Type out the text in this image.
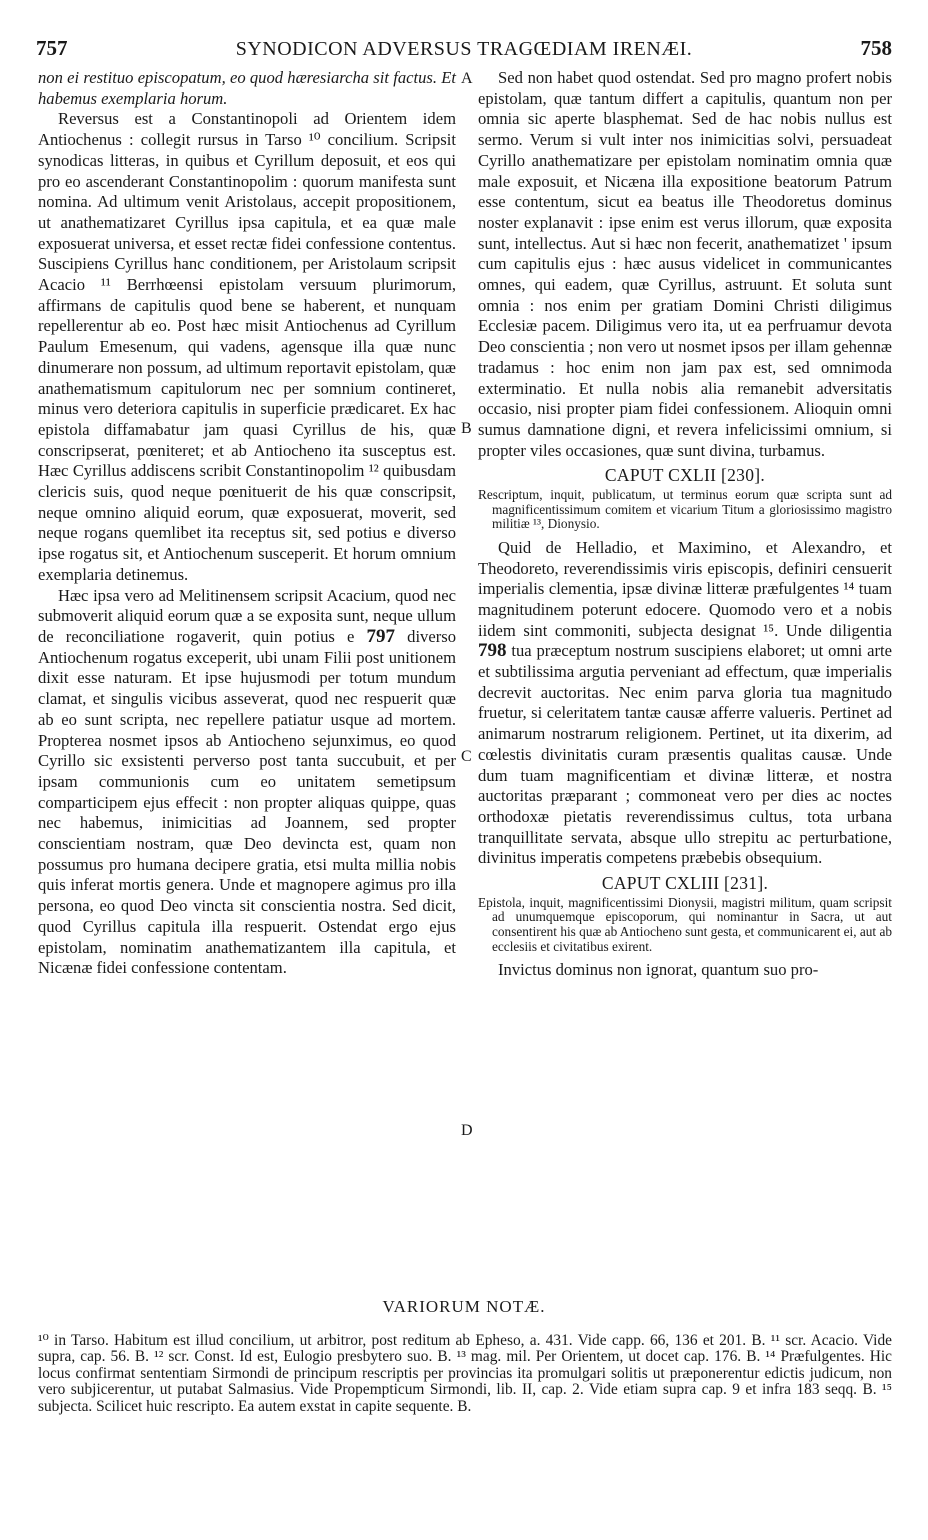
757	SYNODICON ADVERSUS TRAGŒDIAM IRENÆI.	758
A
B
C
D

non ei restituo episcopatum, eo quod hæresiarcha sit factus. Et habemus exemplaria horum.

Reversus est a Constantinopoli ad Orientem idem Antiochenus : collegit rursus in Tarso ¹⁰ concilium. Scripsit synodicas litteras, in quibus et Cyrillum deposuit, et eos qui pro eo ascenderant Constantinopolim : quorum manifesta sunt nomina. Ad ultimum venit Aristolaus, accepit propositionem, ut anathematizaret Cyrillus ipsa capitula, et ea quæ male exposuerat universa, et esset rectæ fidei confessione contentus. Suscipiens Cyrillus hanc conditionem, per Aristolaum scripsit Acacio ¹¹ Berrhœensi epistolam versuum plurimorum, affirmans de capitulis quod bene se haberent, et nunquam repellerentur ab eo. Post hæc misit Antiochenus ad Cyrillum Paulum Emesenum, qui vadens, agensque illa quæ nunc dinumerare non possum, ad ultimum reportavit epistolam, quæ anathematismum capitulorum nec per somnium contineret, minus vero deteriora capitulis in superficie prædicaret. Ex hac epistola diffamabatur jam quasi Cyrillus de his, quæ conscripserat, pœniteret; et ab Antiocheno ita susceptus est. Hæc Cyrillus addiscens scribit Constantinopolim ¹² quibusdam clericis suis, quod neque pœnituerit de his quæ conscripsit, neque omnino aliquid eorum, quæ exposuerat, moverit, sed neque rogans quemlibet ita receptus sit, sed potius e diverso ipse rogatus sit, et Antiochenum susceperit. Et horum omnium exemplaria detinemus.

Hæc ipsa vero ad Melitinensem scripsit Acacium, quod nec submoverit aliquid eorum quæ a se exposita sunt, neque ullum de reconciliatione rogaverit, quin potius e 797 diverso Antiochenum rogatus exceperit, ubi unam Filii post unitionem dixit esse naturam. Et ipse hujusmodi per totum mundum clamat, et singulis vicibus asseverat, quod nec respuerit quæ ab eo sunt scripta, nec repellere patiatur usque ad mortem. Propterea nosmet ipsos ab Antiocheno sejunximus, eo quod Cyrillo sic exsistenti perverso post tanta succubuit, et per ipsam communionis cum eo unitatem semetipsum comparticipem ejus effecit : non propter aliquas quippe, quas nec habemus, inimicitias ad Joannem, sed propter conscientiam nostram, quæ Deo devincta est, quam non possumus pro humana decipere gratia, etsi multa millia nobis quis inferat mortis genera. Unde et magnopere agimus pro illa persona, eo quod Deo vincta sit conscientia nostra. Sed dicit, quod Cyrillus capitula illa respuerit. Ostendat ergo ejus epistolam, nominatim anathematizantem illa capitula, et Nicænæ fidei confessione contentam.

Sed non habet quod ostendat. Sed pro magno profert nobis epistolam, quæ tantum differt a capitulis, quantum non per omnia sic aperte blasphemat. Sed de hac nobis nullus est sermo. Verum si vult inter nos inimicitias solvi, persuadeat Cyrillo anathematizare per epistolam nominatim omnia quæ male exposuit, et Nicæna illa expositione beatorum Patrum esse contentum, sicut ea beatus ille Theodoretus dominus noster explanavit : ipse enim est verus illorum, quæ exposita sunt, intellectus. Aut si hæc non fecerit, anathematizet ' ipsum cum capitulis ejus : hæc ausus videlicet in communicantes omnes, qui eadem, quæ Cyrillus, astruunt. Et soluta sunt omnia : nos enim per gratiam Domini Christi diligimus Ecclesiæ pacem. Diligimus vero ita, ut ea perfruamur devota Deo conscientia ; non vero ut nosmet ipsos per illam gehennæ tradamus : hoc enim non jam pax est, sed omnimoda exterminatio. Et nulla nobis alia remanebit adversitatis occasio, nisi propter piam fidei confessionem. Alioquin omni sumus damnatione digni, et revera infelicissimi omnium, si propter viles occasiones, quæ sunt divina, turbamus.

CAPUT CXLII [230].
Rescriptum, inquit, publicatum, ut terminus eorum quæ scripta sunt ad magnificentissimum comitem et vicarium Titum a gloriosissimo magistro militiæ ¹³, Dionysio.

Quid de Helladio, et Maximino, et Alexandro, et Theodoreto, reverendissimis viris episcopis, definiri censuerit imperialis clementia, ipsæ divinæ litteræ præfulgentes ¹⁴ tuam magnitudinem poterunt edocere. Quomodo vero et a nobis iidem sint commoniti, subjecta designat ¹⁵. Unde diligentia 798 tua præceptum nostrum suscipiens elaboret; ut omni arte et subtilissima argutia perveniant ad effectum, quæ imperialis decrevit auctoritas. Nec enim parva gloria tua magnitudo fruetur, si celeritatem tantæ causæ afferre valueris. Pertinet ad animarum nostrarum religionem. Pertinet, ut ita dixerim, ad cœlestis divinitatis curam præsentis qualitas causæ. Unde dum tuam magnificentiam et divinæ litteræ, et nostra auctoritas præparant ; commoneat vero per dies ac noctes orthodoxæ pietatis reverendissimus cultus, tota urbana tranquillitate servata, absque ullo strepitu ac perturbatione, divinitus imperatis competens præbebis obsequium.

CAPUT CXLIII [231].
Epistola, inquit, magnificentissimi Dionysii, magistri militum, quam scripsit ad unumquemque episcoporum, qui nominantur in Sacra, ut aut consentirent his quæ ab Antiocheno sunt gesta, et communicarent ei, aut ab ecclesiis et civitatibus exirent.

Invictus dominus non ignorat, quantum suo pro-

VARIORUM NOTÆ.
¹⁰ in Tarso. Habitum est illud concilium, ut arbitror, post reditum ab Epheso, a. 431. Vide capp. 66, 136 et 201. B. ¹¹ scr. Acacio. Vide supra, cap. 56. B. ¹² scr. Const. Id est, Eulogio presbytero suo. B. ¹³ mag. mil. Per Orientem, ut docet cap. 176. B. ¹⁴ Præfulgentes. Hic locus confirmat sententiam Sirmondi de principum rescriptis per provincias ita promulgari solitis ut præponerentur edictis judicum, non vero subjicerentur, ut putabat Salmasius. Vide Propempticum Sirmondi, lib. II, cap. 2. Vide etiam supra cap. 9 et infra 183 seqq. B. ¹⁵ subjecta. Scilicet huic rescripto. Ea autem exstat in capite sequente. B.
